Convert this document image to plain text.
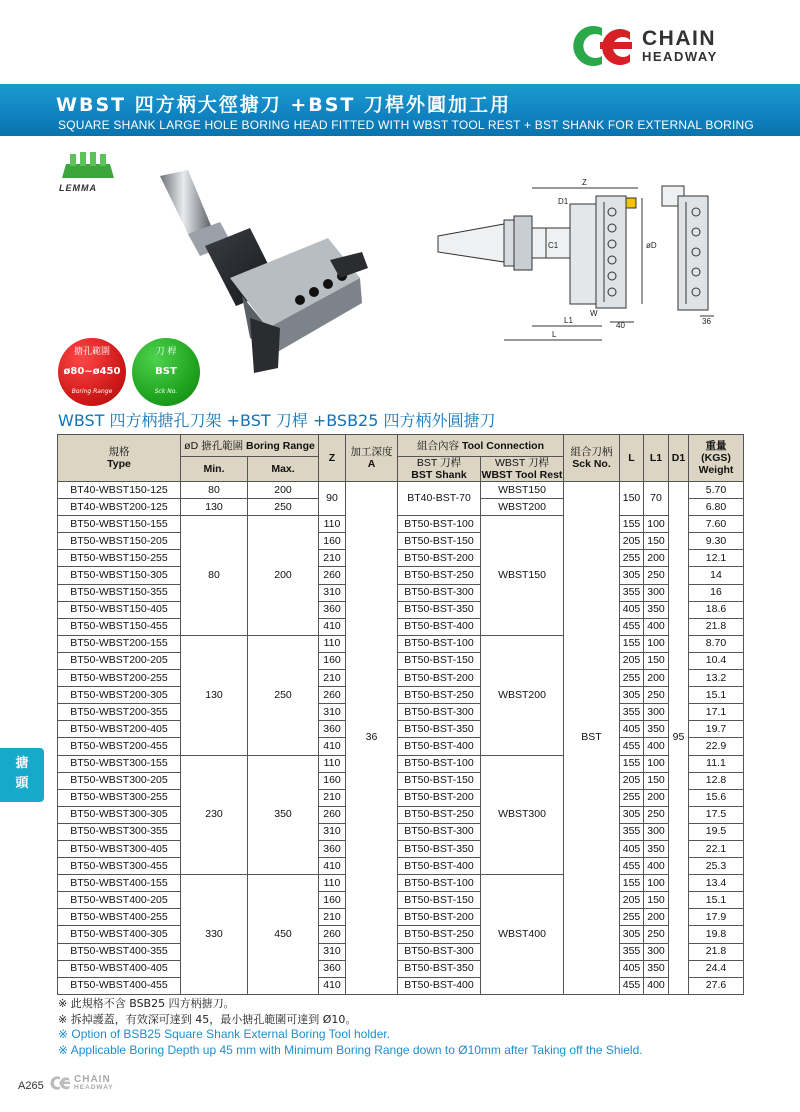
CHAIN
HEADWAY
WBST 四方柄大徑搪刀 +BST 刀桿外圓加工用
SQUARE SHANK LARGE HOLE BORING HEAD FITTED WITH WBST TOOL REST + BST SHANK FOR EXTERNAL BORING
LEMMA
搪孔範圍
ø80~ø450
Boring Range
刀 桿
BST
Sck No.
Z
D1
øD
C1
W
L1
L
40	36
WBST 四方柄搪孔刀架 +BST 刀桿 +BSB25 四方柄外圓搪刀
搪
頭
規格
Type	øD 搪孔範圍 Boring Range		Z	加工深度
A	組合內容 Tool Connection		組合刀柄
Sck No.	L	L1	D1	重量
(KGS)
Weight
	Min.	Max.			BST 刀桿
BST Shank	WBST 刀桿
WBST Tool Rest					
BT40-WBST150-125	80	200	90	36	BT40-BST-70	WBST150	BST	150	70	95	5.70
BT40-WBST200-125	130	250				WBST200					6.80
BT50-WBST150-155	80	200	110		BT50-BST-100	WBST150		155	100		7.60
BT50-WBST150-205			160		BT50-BST-150			205	150		9.30
BT50-WBST150-255			210		BT50-BST-200			255	200		12.1
BT50-WBST150-305			260		BT50-BST-250			305	250		14
BT50-WBST150-355			310		BT50-BST-300			355	300		16
BT50-WBST150-405			360		BT50-BST-350			405	350		18.6
BT50-WBST150-455			410		BT50-BST-400			455	400		21.8
BT50-WBST200-155	130	250	110		BT50-BST-100	WBST200		155	100		8.70
BT50-WBST200-205			160		BT50-BST-150			205	150		10.4
BT50-WBST200-255			210		BT50-BST-200			255	200		13.2
BT50-WBST200-305			260		BT50-BST-250			305	250		15.1
BT50-WBST200-355			310		BT50-BST-300			355	300		17.1
BT50-WBST200-405			360		BT50-BST-350			405	350		19.7
BT50-WBST200-455			410		BT50-BST-400			455	400		22.9
BT50-WBST300-155	230	350	110		BT50-BST-100	WBST300		155	100		11.1
BT50-WBST300-205			160		BT50-BST-150			205	150		12.8
BT50-WBST300-255			210		BT50-BST-200			255	200		15.6
BT50-WBST300-305			260		BT50-BST-250			305	250		17.5
BT50-WBST300-355			310		BT50-BST-300			355	300		19.5
BT50-WBST300-405			360		BT50-BST-350			405	350		22.1
BT50-WBST300-455			410		BT50-BST-400			455	400		25.3
BT50-WBST400-155	330	450	110		BT50-BST-100	WBST400		155	100		13.4
BT50-WBST400-205			160		BT50-BST-150			205	150		15.1
BT50-WBST400-255			210		BT50-BST-200			255	200		17.9
BT50-WBST400-305			260		BT50-BST-250			305	250		19.8
BT50-WBST400-355			310		BT50-BST-300			355	300		21.8
BT50-WBST400-405			360		BT50-BST-350			405	350		24.4
BT50-WBST400-455			410		BT50-BST-400			455	400		27.6
※ 此規格不含 BSB25 四方柄搪刀。
※ 拆掉護蓋，有效深可達到 45，最小搪孔範圍可達到 Ø10。
※ Option of BSB25 Square Shank External Boring Tool holder.
※ Applicable Boring Depth up 45 mm with Minimum Boring Range down to Ø10mm after Taking off the Shield.
A265
CHAIN
HEADWAY
